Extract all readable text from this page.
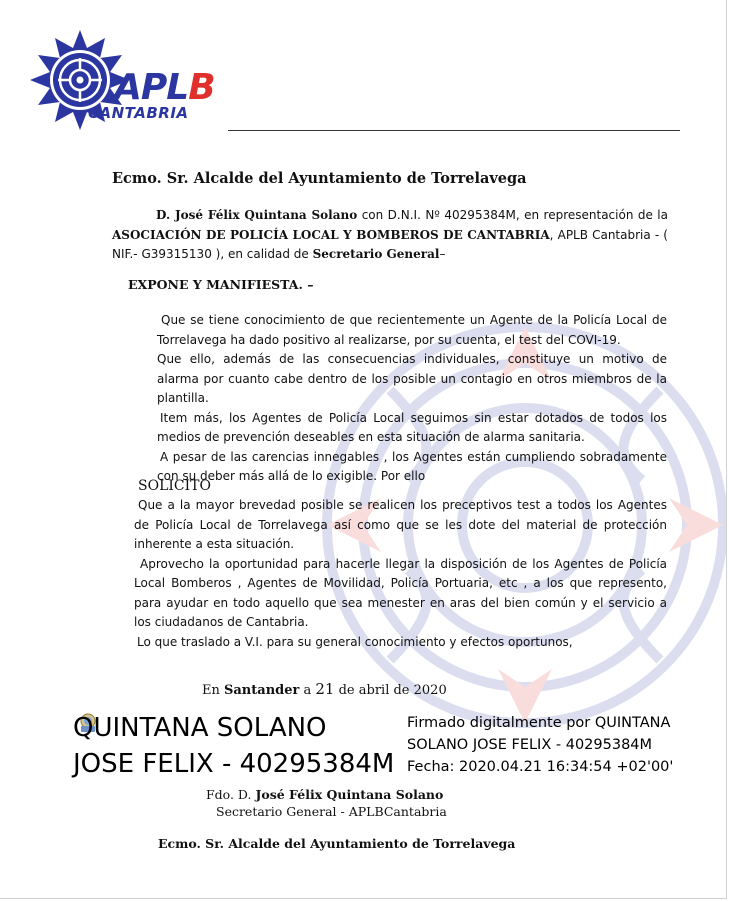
APLB
CANTABRIA
Ecmo. Sr. Alcalde del Ayuntamiento de Torrelavega
D. José Félix Quintana Solano con D.N.I. Nº 40295384M, en representación de la ASOCIACIÓN DE POLICÍA LOCAL Y BOMBEROS DE CANTABRIA, APLB Cantabria - ( NIF.- G39315130 ), en calidad de Secretario General–
EXPONE Y MANIFIESTA. –
Que se tiene conocimiento de que recientemente un Agente de la Policía Local de Torrelavega ha dado positivo al realizarse, por su cuenta, el test del COVI-19.
Que ello, además de las consecuencias individuales, constituye un motivo de alarma por cuanto cabe dentro de los posible un contagio en otros miembros de la plantilla.
Item más, los Agentes de Policía Local seguimos sin estar dotados de todos los medios de prevención deseables en esta situación de alarma sanitaria.
A pesar de las carencias innegables , los Agentes están cumpliendo sobradamente con su deber más allá de lo exigible. Por ello
SOLICITO
Que a la mayor brevedad posible se realicen los preceptivos test a todos los Agentes de Policía Local de Torrelavega así como que se les dote del material de protección inherente a esta situación.
Aprovecho la oportunidad para hacerle llegar la disposición de los Agentes de Policía Local Bomberos , Agentes de Movilidad, Policía Portuaria, etc , a los que represento, para ayudar en todo aquello que sea menester en aras del bien común y el servicio a los ciudadanos de Cantabria.
Lo que traslado a V.I. para su general conocimiento y efectos oportunos,
En Santander a 21 de abril de 2020
QUINTANA SOLANO
JOSE FELIX - 40295384M
Firmado digitalmente por QUINTANA
SOLANO JOSE FELIX - 40295384M
Fecha: 2020.04.21 16:34:54 +02'00'
Fdo. D. José Félix Quintana Solano
Secretario General - APLBCantabria
Ecmo. Sr. Alcalde del Ayuntamiento de Torrelavega
